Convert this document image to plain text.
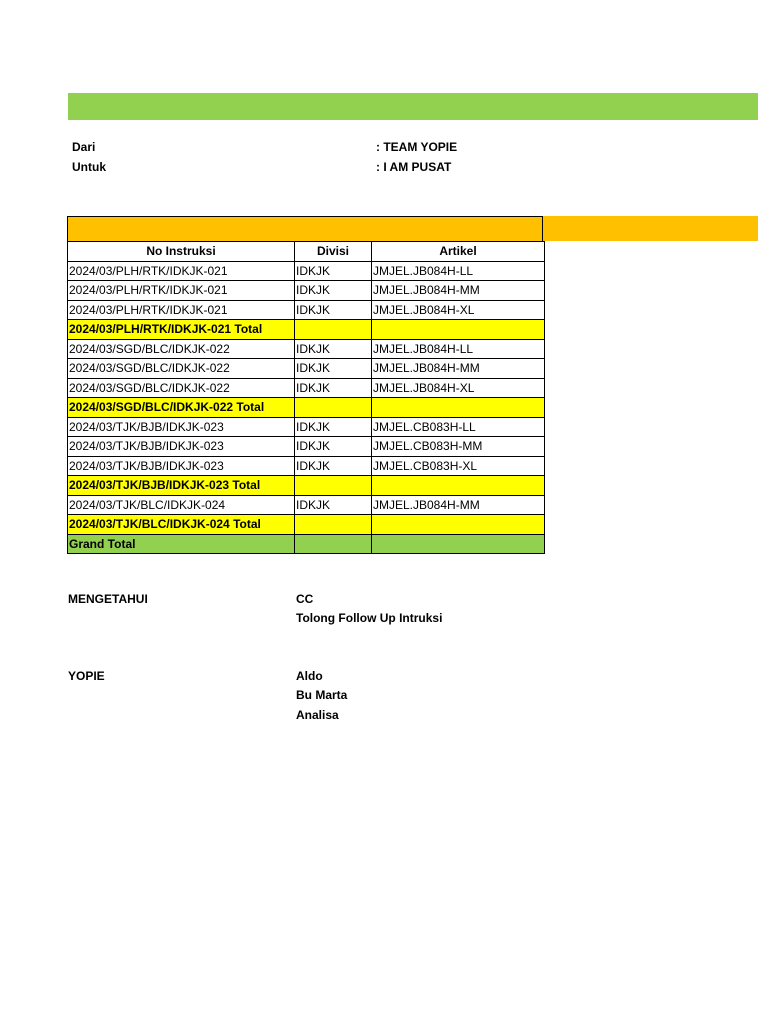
Dari	: TEAM YOPIE
Untuk	: I AM PUSAT
No Instruksi	Divisi	Artikel
2024/03/PLH/RTK/IDKJK-021	IDKJK	JMJEL.JB084H-LL
2024/03/PLH/RTK/IDKJK-021	IDKJK	JMJEL.JB084H-MM
2024/03/PLH/RTK/IDKJK-021	IDKJK	JMJEL.JB084H-XL
2024/03/PLH/RTK/IDKJK-021 Total		
2024/03/SGD/BLC/IDKJK-022	IDKJK	JMJEL.JB084H-LL
2024/03/SGD/BLC/IDKJK-022	IDKJK	JMJEL.JB084H-MM
2024/03/SGD/BLC/IDKJK-022	IDKJK	JMJEL.JB084H-XL
2024/03/SGD/BLC/IDKJK-022 Total		
2024/03/TJK/BJB/IDKJK-023	IDKJK	JMJEL.CB083H-LL
2024/03/TJK/BJB/IDKJK-023	IDKJK	JMJEL.CB083H-MM
2024/03/TJK/BJB/IDKJK-023	IDKJK	JMJEL.CB083H-XL
2024/03/TJK/BJB/IDKJK-023 Total		
2024/03/TJK/BLC/IDKJK-024	IDKJK	JMJEL.JB084H-MM
2024/03/TJK/BLC/IDKJK-024 Total		
Grand Total		
MENGETAHUI	CC
Tolong Follow Up Intruksi
YOPIE	Aldo
Bu Marta
Analisa
